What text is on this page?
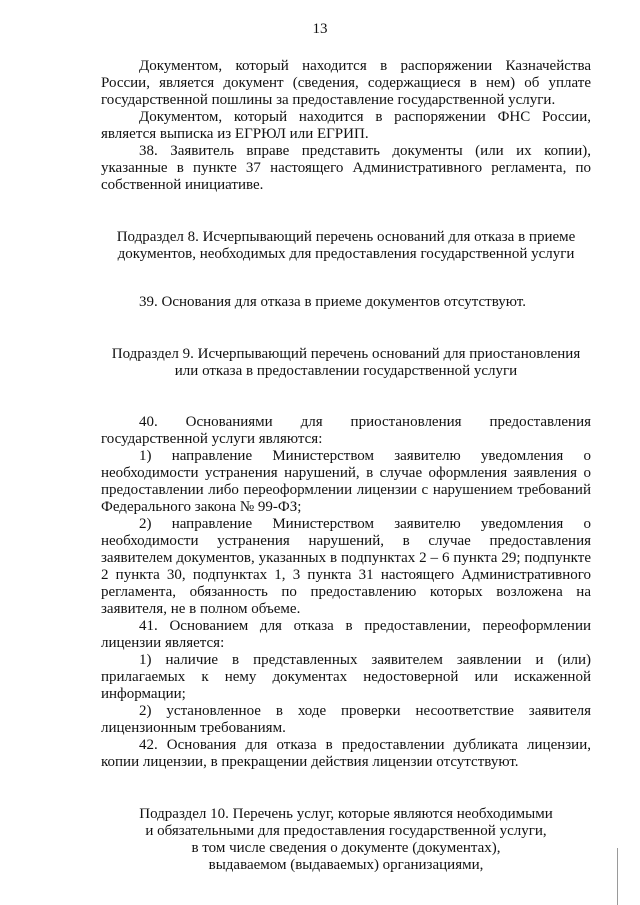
13

Документом, который находится в распоряжении Казначейства России, является документ (сведения, содержащиеся в нем) об уплате государственной пошлины за предоставление государственной услуги.

Документом, который находится в распоряжении ФНС России, является выписка из ЕГРЮЛ или ЕГРИП.

38. Заявитель вправе представить документы (или их копии), указанные в пункте 37 настоящего Административного регламента, по собственной инициативе.

Подраздел 8. Исчерпывающий перечень оснований для отказа в приеме документов, необходимых для предоставления государственной услуги

39. Основания для отказа в приеме документов отсутствуют.

Подраздел 9. Исчерпывающий перечень оснований для приостановления или отказа в предоставлении государственной услуги

40. Основаниями для приостановления предоставления государственной услуги являются:

1) направление Министерством заявителю уведомления о необходимости устранения нарушений, в случае оформления заявления о предоставлении либо переоформлении лицензии с нарушением требований Федерального закона № 99-ФЗ;

2) направление Министерством заявителю уведомления о необходимости устранения нарушений, в случае предоставления заявителем документов, указанных в подпунктах 2 – 6 пункта 29; подпункте 2 пункта 30, подпунктах 1, 3 пункта 31 настоящего Административного регламента, обязанность по предоставлению которых возложена на заявителя, не в полном объеме.

41. Основанием для отказа в предоставлении, переоформлении лицензии является:

1) наличие в представленных заявителем заявлении и (или) прилагаемых к нему документах недостоверной или искаженной информации;

2) установленное в ходе проверки несоответствие заявителя лицензионным требованиям.

42. Основания для отказа в предоставлении дубликата лицензии, копии лицензии, в прекращении действия лицензии отсутствуют.

Подраздел 10. Перечень услуг, которые являются необходимыми

и обязательными для предоставления государственной услуги,

в том числе сведения о документе (документах),

выдаваемом (выдаваемых) организациями,
